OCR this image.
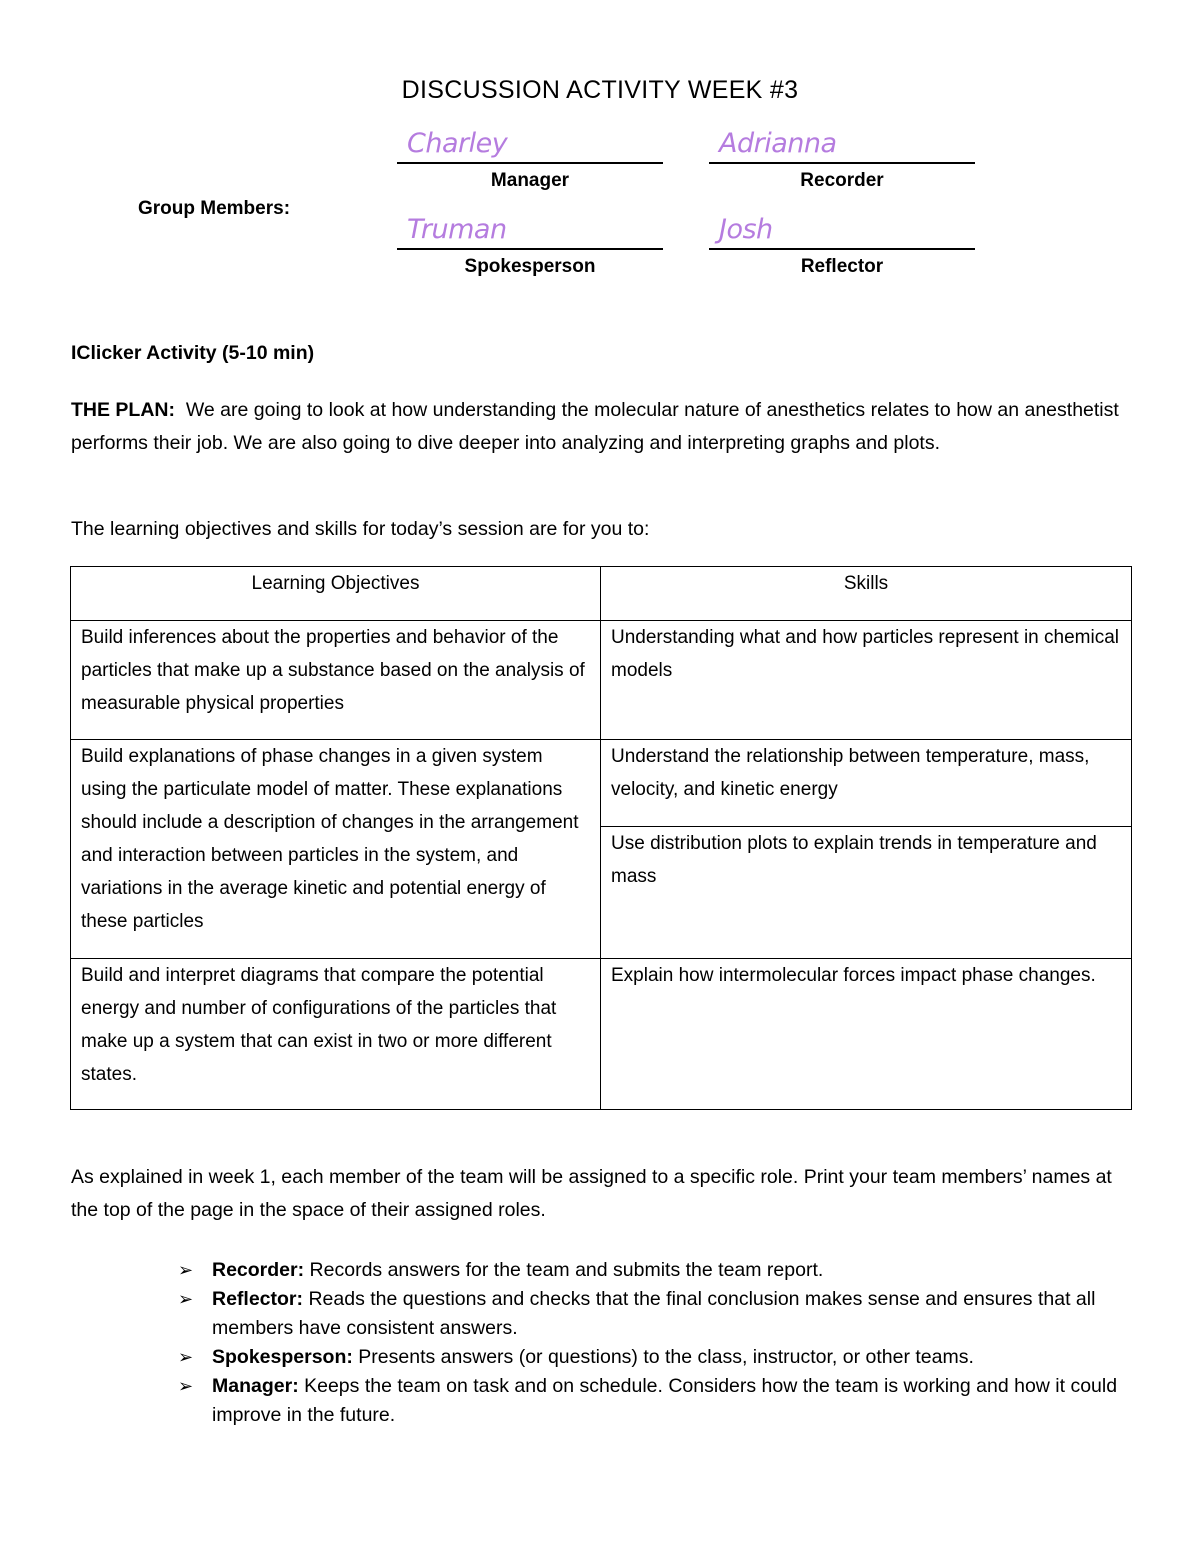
DISCUSSION ACTIVITY WEEK #3
Group Members:
Charley
Manager
Adrianna
Recorder
Truman
Spokesperson
Josh
Reflector
IClicker Activity (5-10 min)
THE PLAN: We are going to look at how understanding the molecular nature of anesthetics relates to how an anesthetist performs their job. We are also going to dive deeper into analyzing and interpreting graphs and plots.
The learning objectives and skills for today’s session are for you to:
Learning Objectives	Skills
Build inferences about the properties and behavior of the particles that make up a substance based on the analysis of measurable physical properties	Understanding what and how particles represent in chemical models
Build explanations of phase changes in a given system using the particulate model of matter. These explanations should include a description of changes in the arrangement and interaction between particles in the system, and variations in the average kinetic and potential energy of these particles	Understand the relationship between temperature, mass, velocity, and kinetic energy
	Use distribution plots to explain trends in temperature and mass
Build and interpret diagrams that compare the potential energy and number of configurations of the particles that make up a system that can exist in two or more different states.	Explain how intermolecular forces impact phase changes.
As explained in week 1, each member of the team will be assigned to a specific role. Print your team members’ names at the top of the page in the space of their assigned roles.
➢ Recorder: Records answers for the team and submits the team report.
➢ Reflector: Reads the questions and checks that the final conclusion makes sense and ensures that all members have consistent answers.
➢ Spokesperson: Presents answers (or questions) to the class, instructor, or other teams.
➢ Manager: Keeps the team on task and on schedule. Considers how the team is working and how it could improve in the future.
